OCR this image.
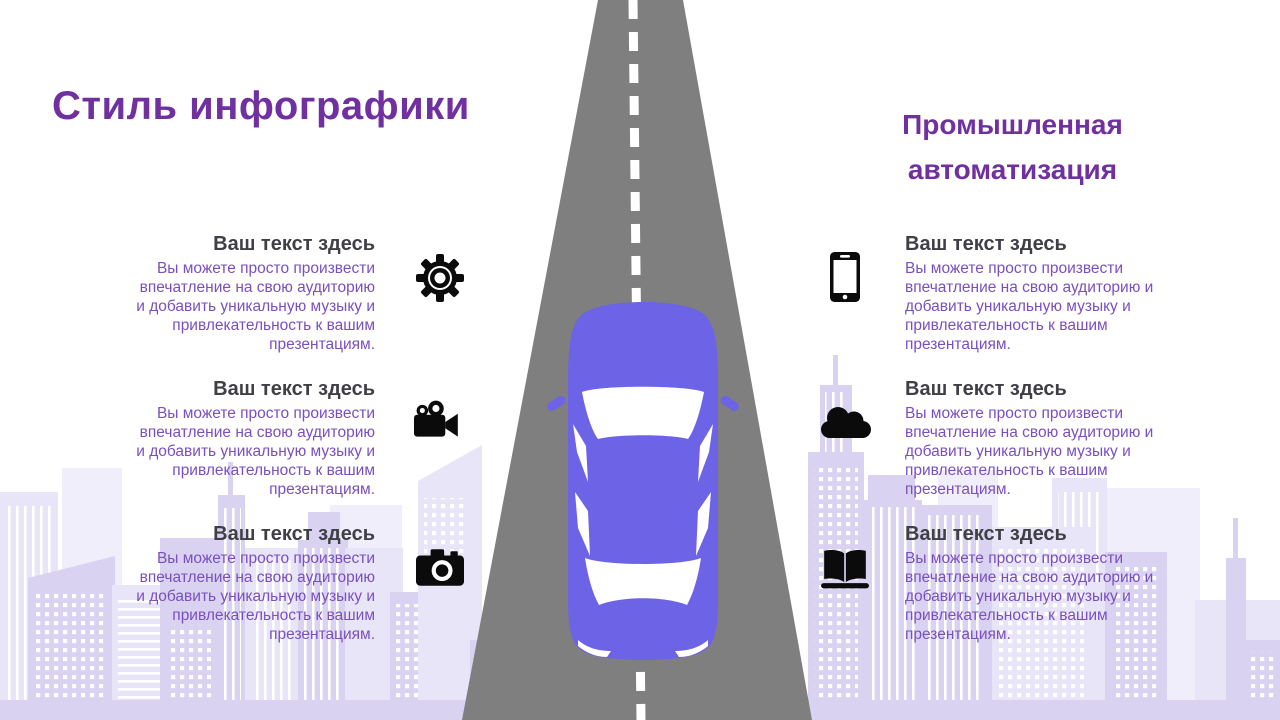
Стиль инфографики	Промышленная
автоматизация
Ваш текст здесь

Вы можете просто произвести впечатление на свою аудиторию и добавить уникальную музыку и привлекательность к вашим презентациям.

Ваш текст здесь

Вы можете просто произвести впечатление на свою аудиторию и добавить уникальную музыку и привлекательность к вашим презентациям.

Ваш текст здесь

Вы можете просто произвести впечатление на свою аудиторию и добавить уникальную музыку и привлекательность к вашим презентациям.

Ваш текст здесь

Вы можете просто произвести впечатление на свою аудиторию и добавить уникальную музыку и привлекательность к вашим презентациям.

Ваш текст здесь

Вы можете просто произвести впечатление на свою аудиторию и добавить уникальную музыку и привлекательность к вашим презентациям.

Ваш текст здесь

Вы можете просто произвести впечатление на свою аудиторию и добавить уникальную музыку и привлекательность к вашим презентациям.
